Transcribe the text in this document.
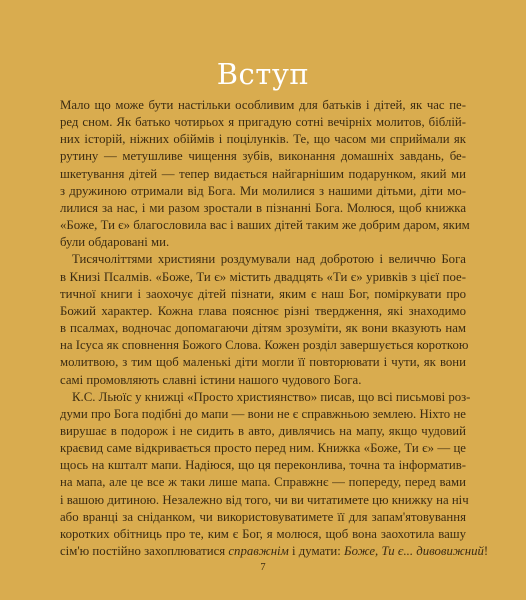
Вступ
Мало що може бути настільки особливим для батьків і дітей, як час пе-
ред сном. Як батько чотирьох я пригадую сотні вечірніх молитов, біблій-
них історій, ніжних обіймів і поцілунків. Те, що часом ми сприймали як
рутину — метушливе чищення зубів, виконання домашніх завдань, бе-
шкетування дітей — тепер видається найгарнішим подарунком, який ми
з дружиною отримали від Бога. Ми молилися з нашими дітьми, діти мо-
лилися за нас, і ми разом зростали в пізнанні Бога. Молюся, щоб книжка
«Боже, Ти є» благословила вас і ваших дітей таким же добрим даром, яким
були обдаровані ми.
Тисячоліттями християни роздумували над добротою і величчю Бога
в Книзі Псалмів. «Боже, Ти є» містить двадцять «Ти є» уривків з цієї пое-
тичної книги і заохочує дітей пізнати, яким є наш Бог, поміркувати про
Божий характер. Кожна глава пояснює різні твердження, які знаходимо
в псалмах, водночас допомагаючи дітям зрозуміти, як вони вказують нам
на Ісуса як сповнення Божого Слова. Кожен розділ завершується короткою
молитвою, з тим щоб маленькі діти могли її повторювати і чути, як вони
самі промовляють славні істини нашого чудового Бога.
К.С. Льюїс у книжці «Просто християнство» писав, що всі письмові роз-
думи про Бога подібні до мапи — вони не є справжньою землею. Ніхто не
вирушає в подорож і не сидить в авто, дивлячись на мапу, якщо чудовий
краєвид саме відкривається просто перед ним. Книжка «Боже, Ти є» — це
щось на кшталт мапи. Надіюся, що ця переконлива, точна та інформатив-
на мапа, але це все ж таки лише мапа. Справжнє — попереду, перед вами
і вашою дитиною. Незалежно від того, чи ви читатимете цю книжку на ніч
або вранці за сніданком, чи використовуватимете її для запам'ятовування
коротких обітниць про те, ким є Бог, я молюся, щоб вона заохотила вашу
сім'ю постійно захоплюватися справжнім і думати: Боже, Ти є... дивовижний!
7
